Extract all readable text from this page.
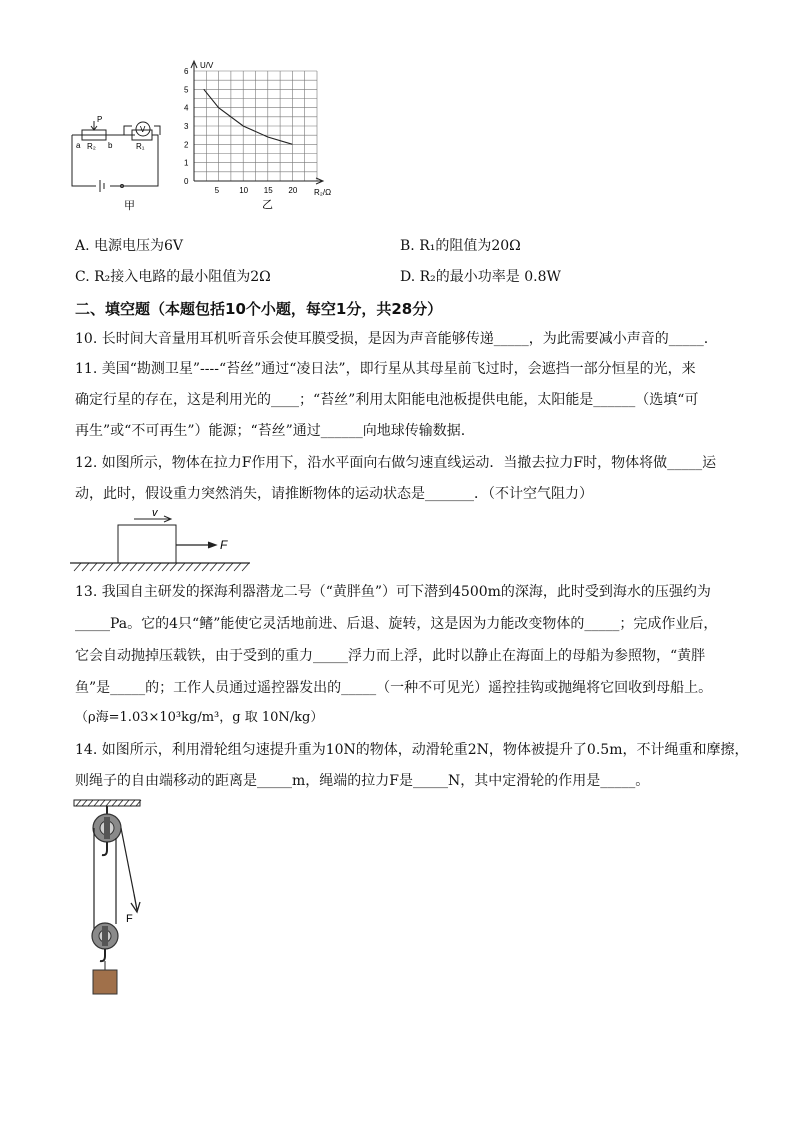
P
a R₂ b	R₁
V
甲
0
1
2
3
4
5
6
5	10 15 20
U/V
R₂/Ω
乙
A. 电源电压为6V	B. R₁的阻值为20Ω
C. R₂接入电路的最小阻值为2Ω	D. R₂的最小功率是 0.8W
二、填空题（本题包括10个小题，每空1分，共28分）
10. 长时间大音量用耳机听音乐会使耳膜受损，是因为声音能够传递_____，为此需要减小声音的_____.
11. 美国“勘测卫星”----“苔丝”通过“凌日法”，即行星从其母星前飞过时，会遮挡一部分恒星的光，来
确定行星的存在，这是利用光的____；“苔丝”利用太阳能电池板提供电能，太阳能是______（选填“可
再生”或“不可再生”）能源；“苔丝”通过______向地球传输数据.
12. 如图所示，物体在拉力F作用下，沿水平面向右做匀速直线运动．当撤去拉力F时，物体将做_____运
动，此时，假设重力突然消失，请推断物体的运动状态是_______．（不计空气阻力）
v
F
13. 我国自主研发的探海利器潜龙二号（“黄胖鱼”）可下潜到4500m的深海，此时受到海水的压强约为
_____Pa。它的4只“鳍”能使它灵活地前进、后退、旋转，这是因为力能改变物体的_____；完成作业后，
它会自动抛掉压载铁，由于受到的重力_____浮力而上浮，此时以静止在海面上的母船为参照物，“黄胖
鱼”是_____的；工作人员通过遥控器发出的_____（一种不可见光）遥控挂钩或抛绳将它回收到母船上。
（ρ海=1.03×10³kg/m³，g 取 10N/kg）
14. 如图所示，利用滑轮组匀速提升重为10N的物体，动滑轮重2N，物体被提升了0.5m，不计绳重和摩擦，
则绳子的自由端移动的距离是_____m，绳端的拉力F是_____N，其中定滑轮的作用是_____。
F
